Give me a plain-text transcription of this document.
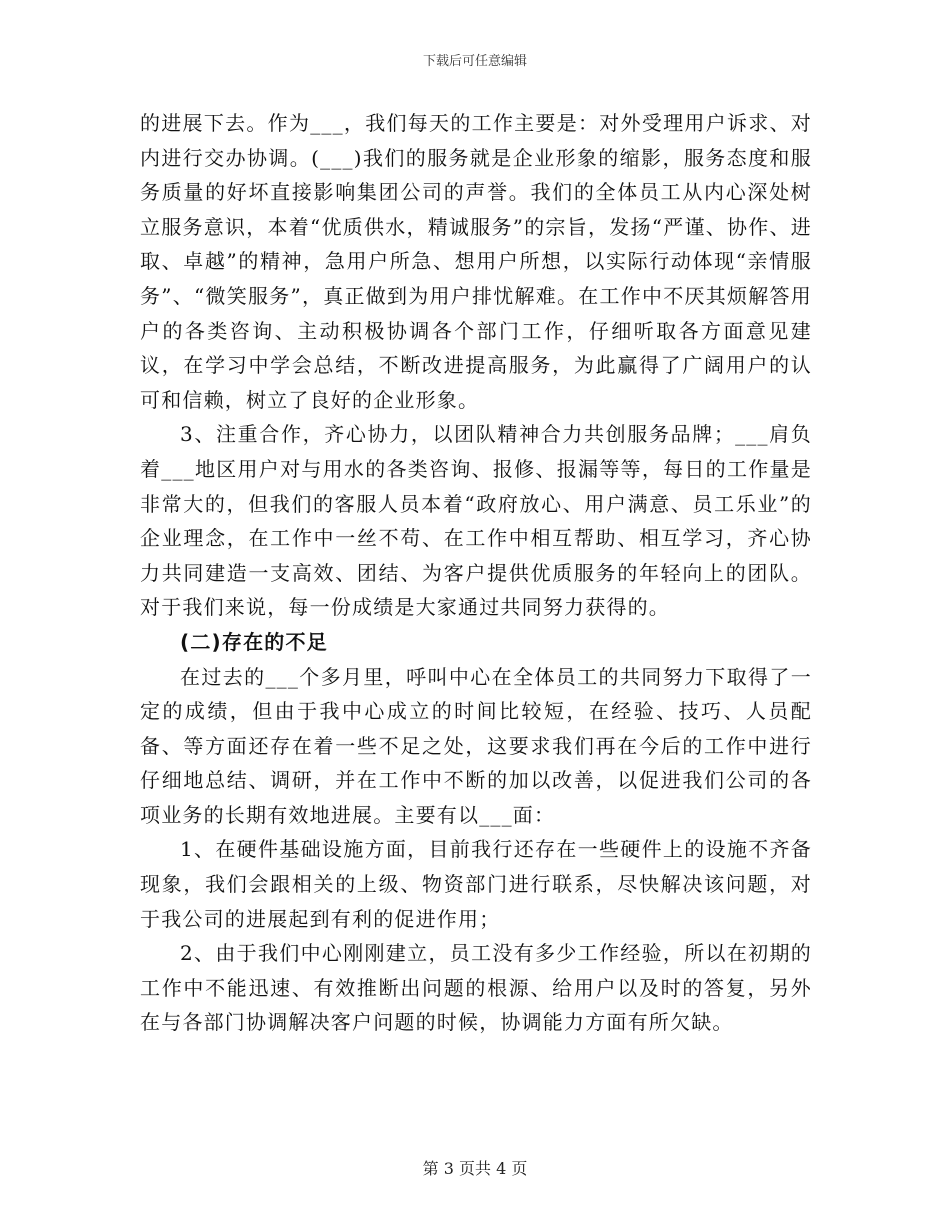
下载后可任意编辑

的进展下去。作为___，我们每天的工作主要是：对外受理用户诉求、对内进行交办协调。(___)我们的服务就是企业形象的缩影，服务态度和服务质量的好坏直接影响集团公司的声誉。我们的全体员工从内心深处树立服务意识，本着“优质供水，精诚服务”的宗旨，发扬“严谨、协作、进取、卓越”的精神，急用户所急、想用户所想，以实际行动体现“亲情服务”、“微笑服务”，真正做到为用户排忧解难。在工作中不厌其烦解答用户的各类咨询、主动积极协调各个部门工作，仔细听取各方面意见建议，在学习中学会总结，不断改进提高服务，为此赢得了广阔用户的认可和信赖，树立了良好的企业形象。

3、注重合作，齐心协力，以团队精神合力共创服务品牌；___肩负着___地区用户对与用水的各类咨询、报修、报漏等等，每日的工作量是非常大的，但我们的客服人员本着“政府放心、用户满意、员工乐业”的企业理念，在工作中一丝不苟、在工作中相互帮助、相互学习，齐心协力共同建造一支高效、团结、为客户提供优质服务的年轻向上的团队。对于我们来说，每一份成绩是大家通过共同努力获得的。

(二)存在的不足

在过去的___个多月里，呼叫中心在全体员工的共同努力下取得了一定的成绩，但由于我中心成立的时间比较短，在经验、技巧、人员配备、等方面还存在着一些不足之处，这要求我们再在今后的工作中进行仔细地总结、调研，并在工作中不断的加以改善，以促进我们公司的各项业务的长期有效地进展。主要有以___面：

1、在硬件基础设施方面，目前我行还存在一些硬件上的设施不齐备现象，我们会跟相关的上级、物资部门进行联系，尽快解决该问题，对于我公司的进展起到有利的促进作用；

2、由于我们中心刚刚建立，员工没有多少工作经验，所以在初期的工作中不能迅速、有效推断出问题的根源、给用户以及时的答复，另外在与各部门协调解决客户问题的时候，协调能力方面有所欠缺。

第 3 页共 4 页
